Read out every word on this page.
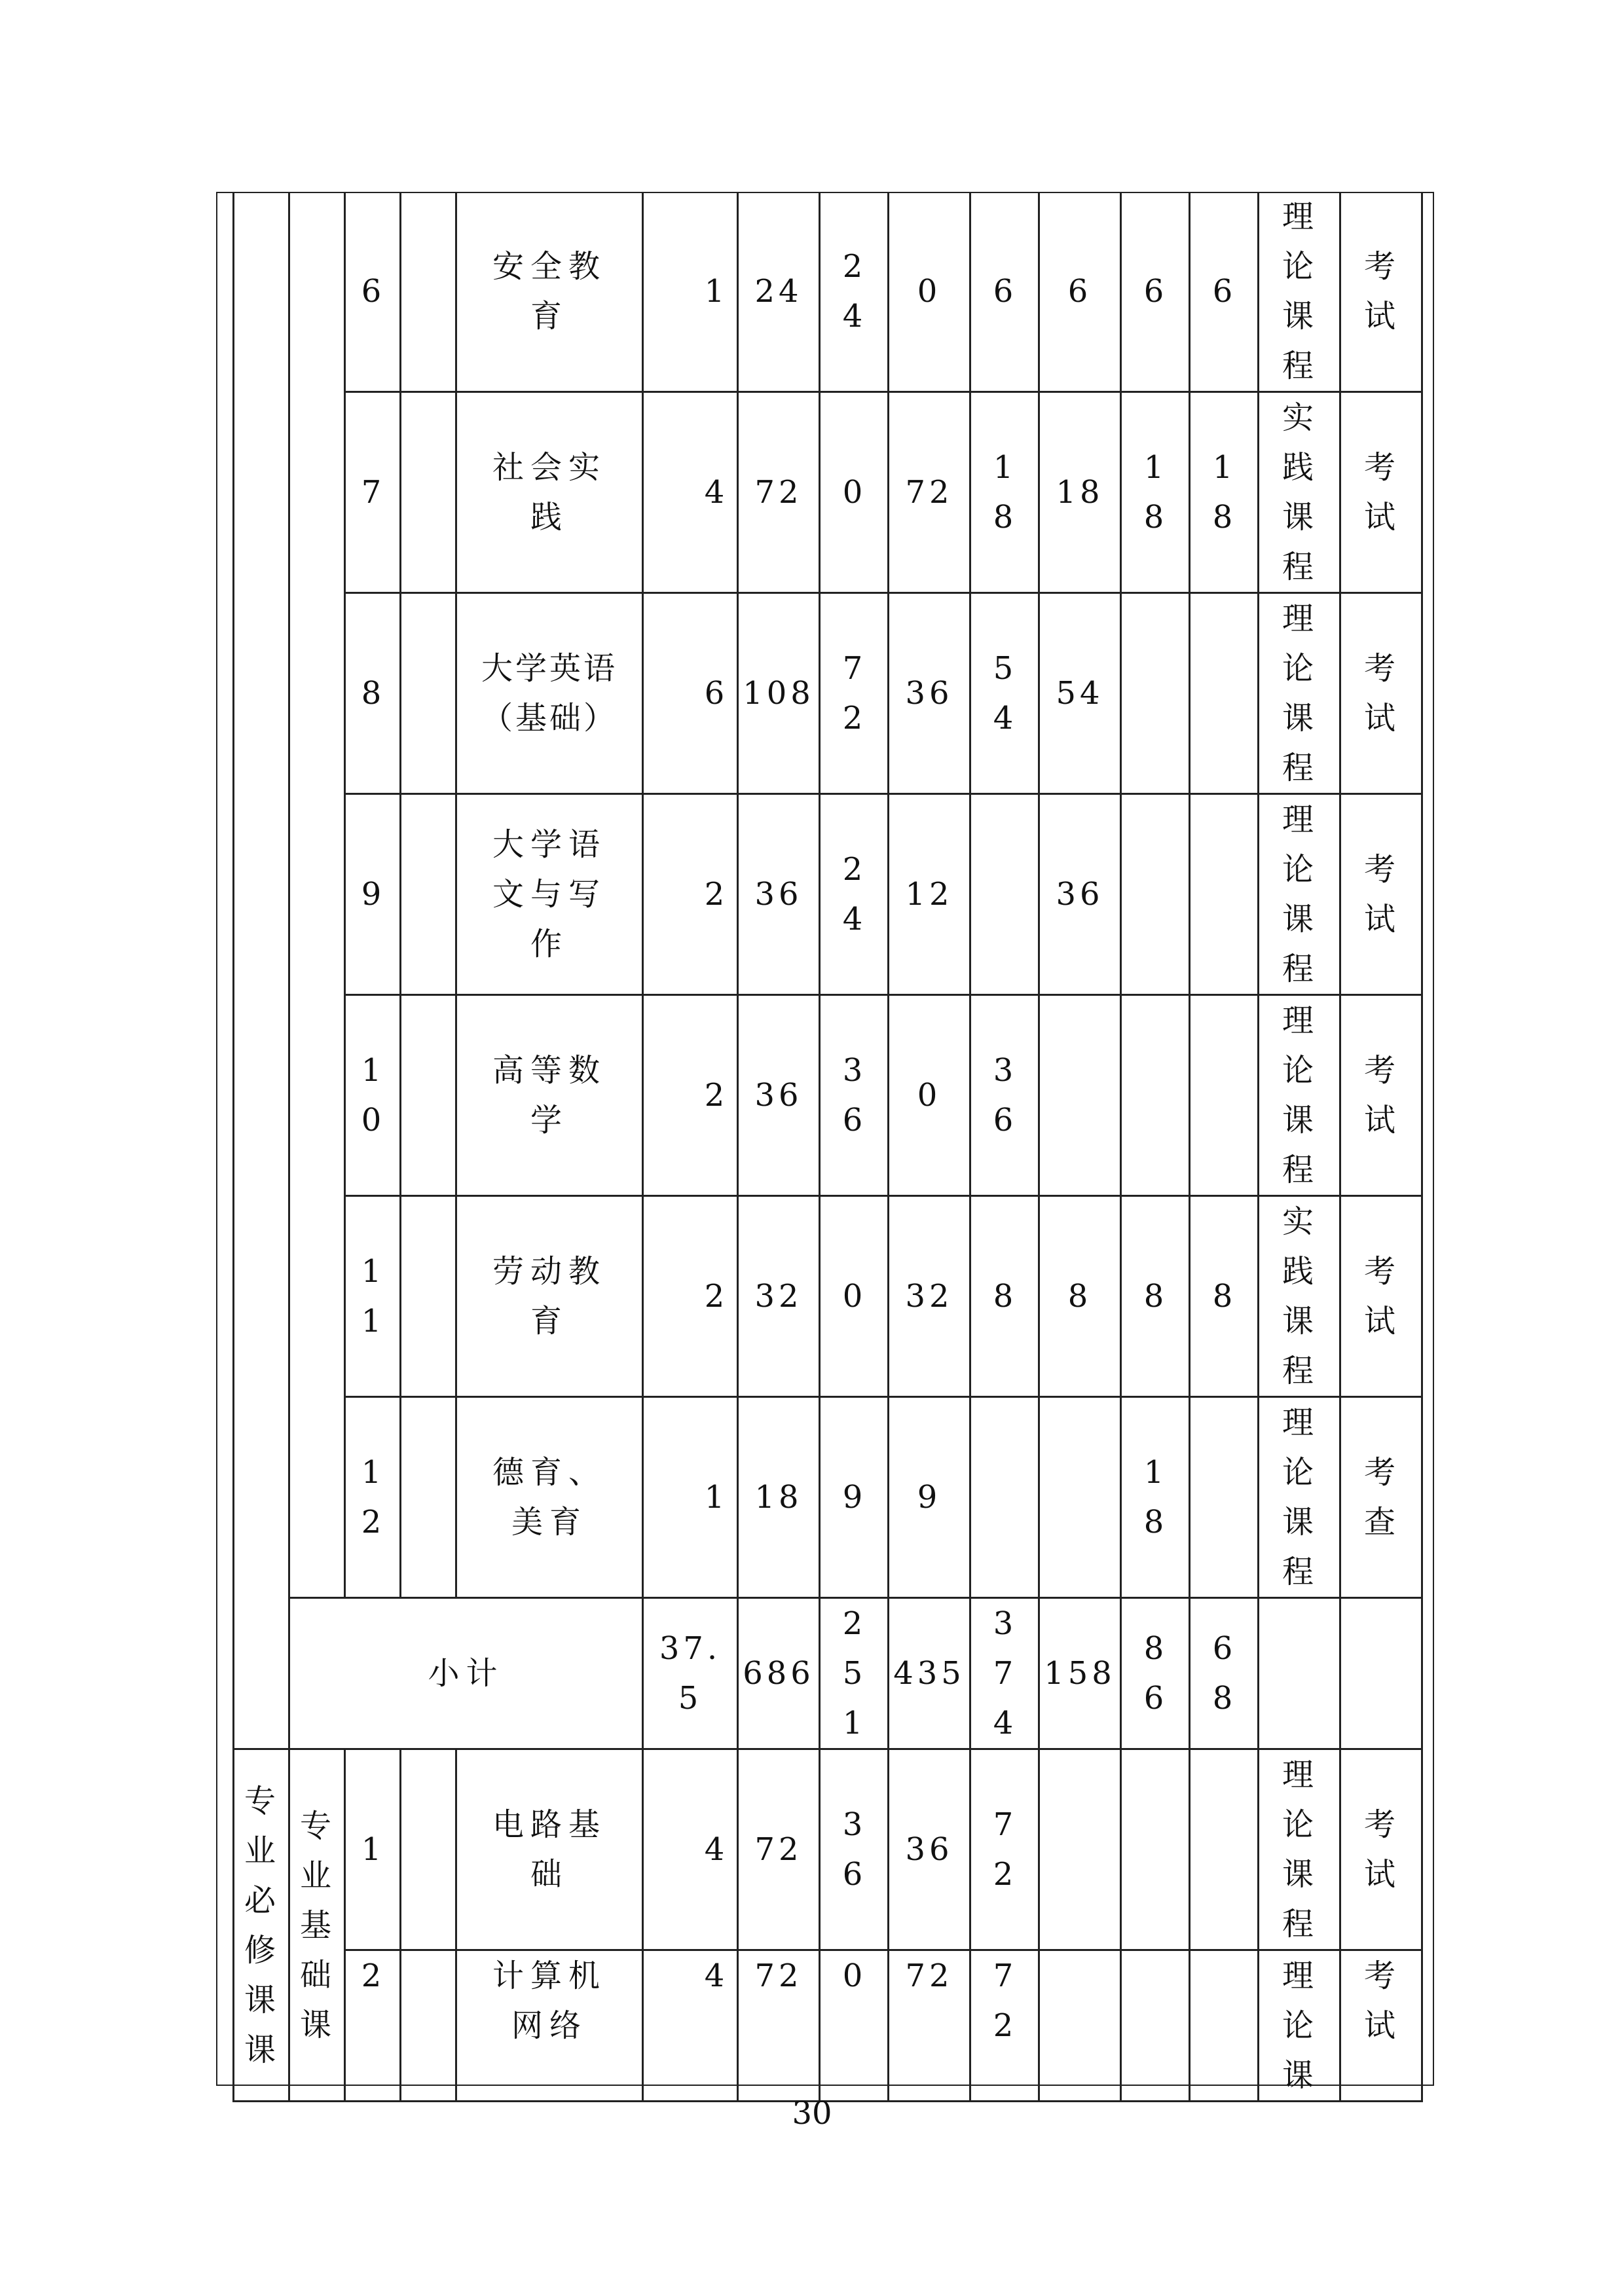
		6		安全教育	1	24	24	0	6	6	6	6	理论课程	考试
		7		社会实践	4	72	0	72	18	18	18	18	实践课程	考试
		8		大学英语（基础）	6	108	72	36	54	54			理论课程	考试
		9		大学语文与写作	2	36	24	12		36			理论课程	考试
		10		高等数学	2	36	36	0	36				理论课程	考试
		11		劳动教育	2	32	0	32	8	8	8	8	实践课程	考试
		12		德育、美育	1	18	9	9			18		理论课程	考查
	小计				37.5	686	251	435	374	158	86	68		
专业必修课课	专业基础课	1		电路基础	4	72	36	36	72				理论课程	考试
		2		计算机网络	4	72	0	72	72				理论课	考试
30
